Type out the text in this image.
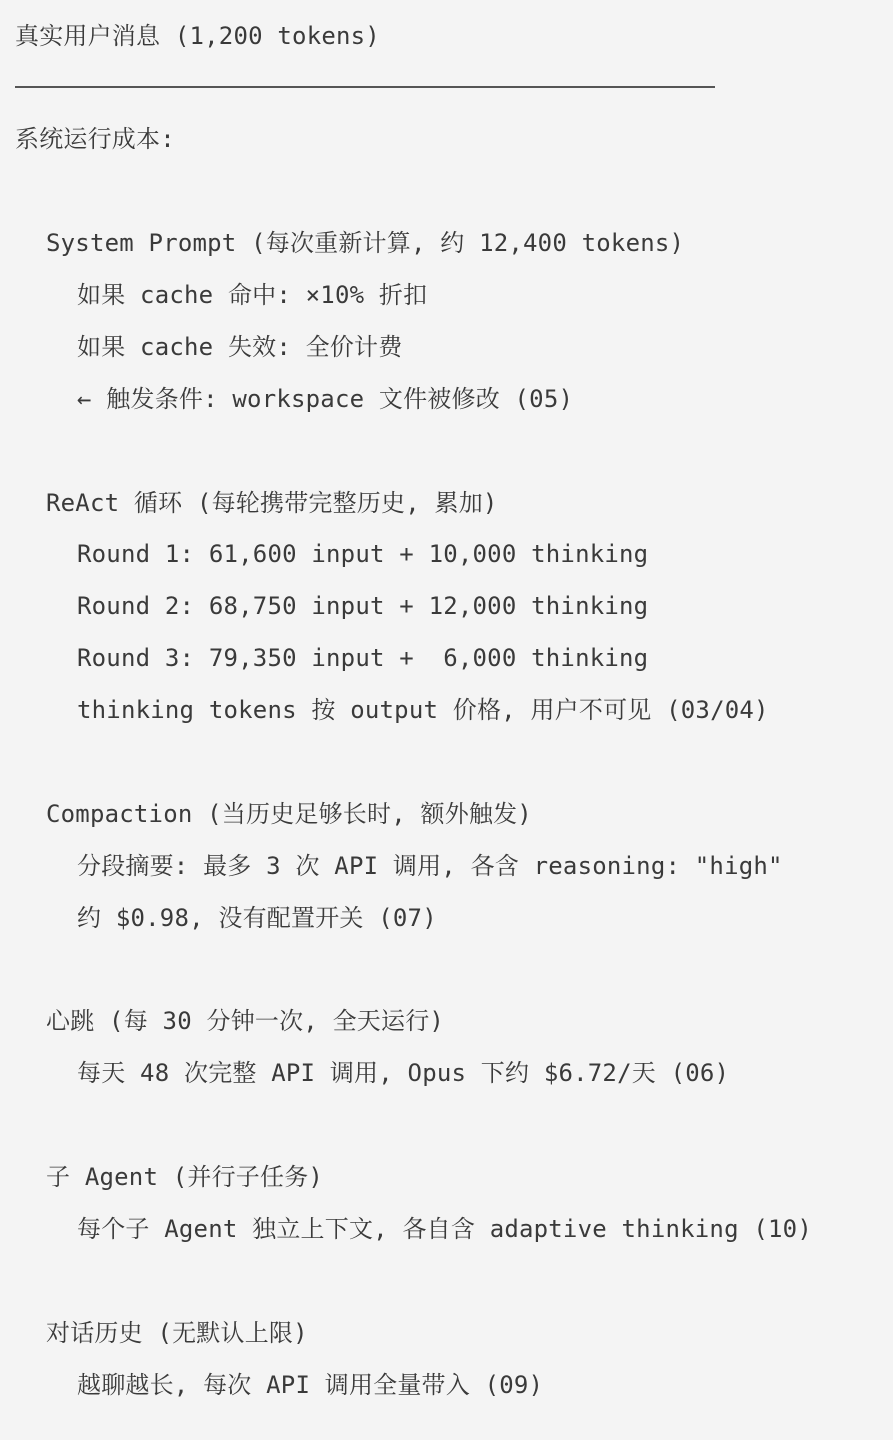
真实用户消息 (1,200 tokens)
系统运行成本:
System Prompt (每次重新计算, 约 12,400 tokens)
如果 cache 命中: ×10% 折扣
如果 cache 失效: 全价计费
← 触发条件: workspace 文件被修改 (05)
ReAct 循环 (每轮携带完整历史, 累加)
Round 1: 61,600 input + 10,000 thinking
Round 2: 68,750 input + 12,000 thinking
Round 3: 79,350 input +  6,000 thinking
thinking tokens 按 output 价格, 用户不可见 (03/04)
Compaction (当历史足够长时, 额外触发)
分段摘要: 最多 3 次 API 调用, 各含 reasoning: "high"
约 $0.98, 没有配置开关 (07)
心跳 (每 30 分钟一次, 全天运行)
每天 48 次完整 API 调用, Opus 下约 $6.72/天 (06)
子 Agent (并行子任务)
每个子 Agent 独立上下文, 各自含 adaptive thinking (10)
对话历史 (无默认上限)
越聊越长, 每次 API 调用全量带入 (09)
